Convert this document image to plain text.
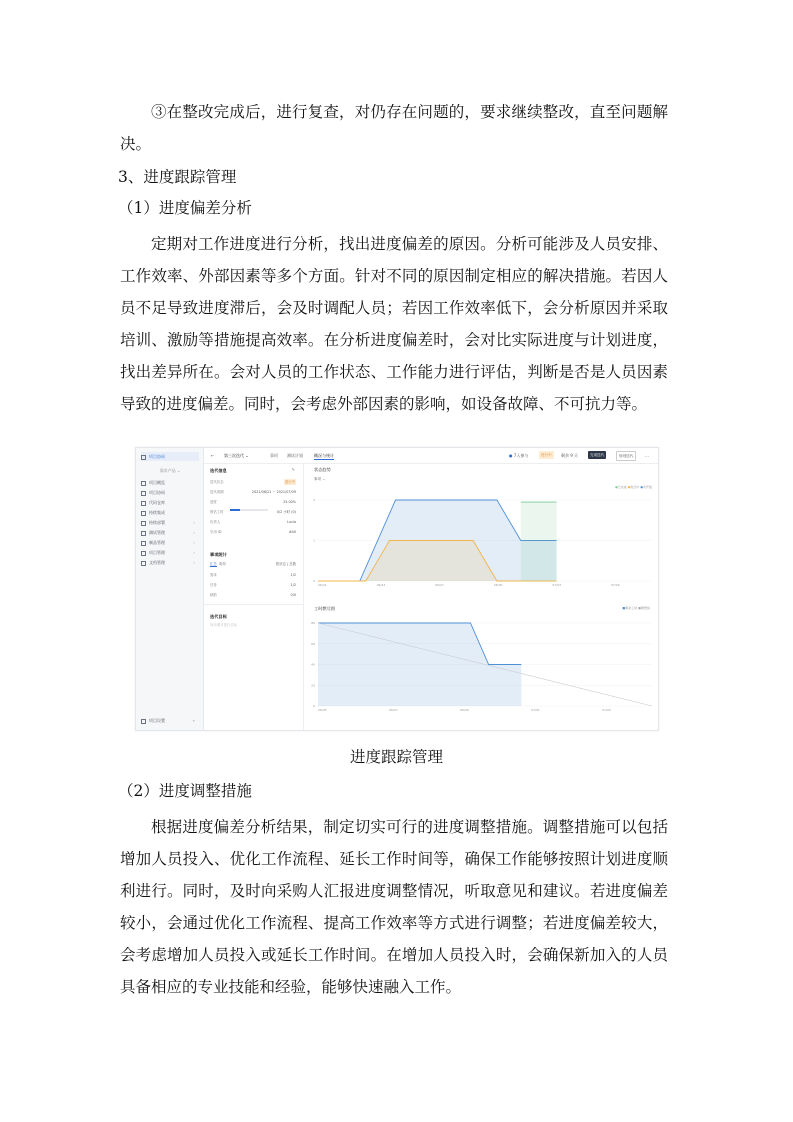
③在整改完成后，进行复查，对仍存在问题的，要求继续整改，直至问题解决。

3、进度跟踪管理

（1）进度偏差分析

定期对工作进度进行分析，找出进度偏差的原因。分析可能涉及人员安排、工作效率、外部因素等多个方面。针对不同的原因制定相应的解决措施。若因人员不足导致进度滞后，会及时调配人员；若因工作效率低下，会分析原因并采取培训、激励等措施提高效率。在分析进度偏差时，会对比实际进度与计划进度，找出差异所在。会对人员的工作状态、工作能力进行评估，判断是否是人员因素导致的进度偏差。同时，会考虑外部因素的影响，如设备故障、不可抗力等。

项目协同
需求产品 ⌄
项目概览
项目协同
代码仓库
持续集成
持续部署	›
测试管理	›
制品管理	›
项目管理	›
文档管理	›
项目设置	«
← 第三次迭代 ⌄	事项 测试计划	概况与统计	● 7人参与	进行中	剩余 9 天	完成迭代	规划迭代	…
迭代信息	✎
迭代状态	进行中
迭代周期	2021/06/21 ~ 2021/07/09
进度	25.00%
预估工时	0/2 小时 (0)
负责人	Lucia
引用 ID	#40
事项统计
汇总 明细	按状态 | 总数
需求	1/2
任务	1/2
缺陷	0/0
迭代目标
尚未填写迭代目标
状态趋势
事项 ⌄
●已完成 ●进行中 ●未开始
工时燃尽图	■剩余工时 ■理想线
0
1
2
06/21	06/24	06/27	06/30	07/03	07/06
0
20
40
60
80
06/25	06/27	06/29	07/01	07/03
进度跟踪管理

（2）进度调整措施

根据进度偏差分析结果，制定切实可行的进度调整措施。调整措施可以包括增加人员投入、优化工作流程、延长工作时间等，确保工作能够按照计划进度顺利进行。同时，及时向采购人汇报进度调整情况，听取意见和建议。若进度偏差较小，会通过优化工作流程、提高工作效率等方式进行调整；若进度偏差较大，会考虑增加人员投入或延长工作时间。在增加人员投入时，会确保新加入的人员具备相应的专业技能和经验，能够快速融入工作。
